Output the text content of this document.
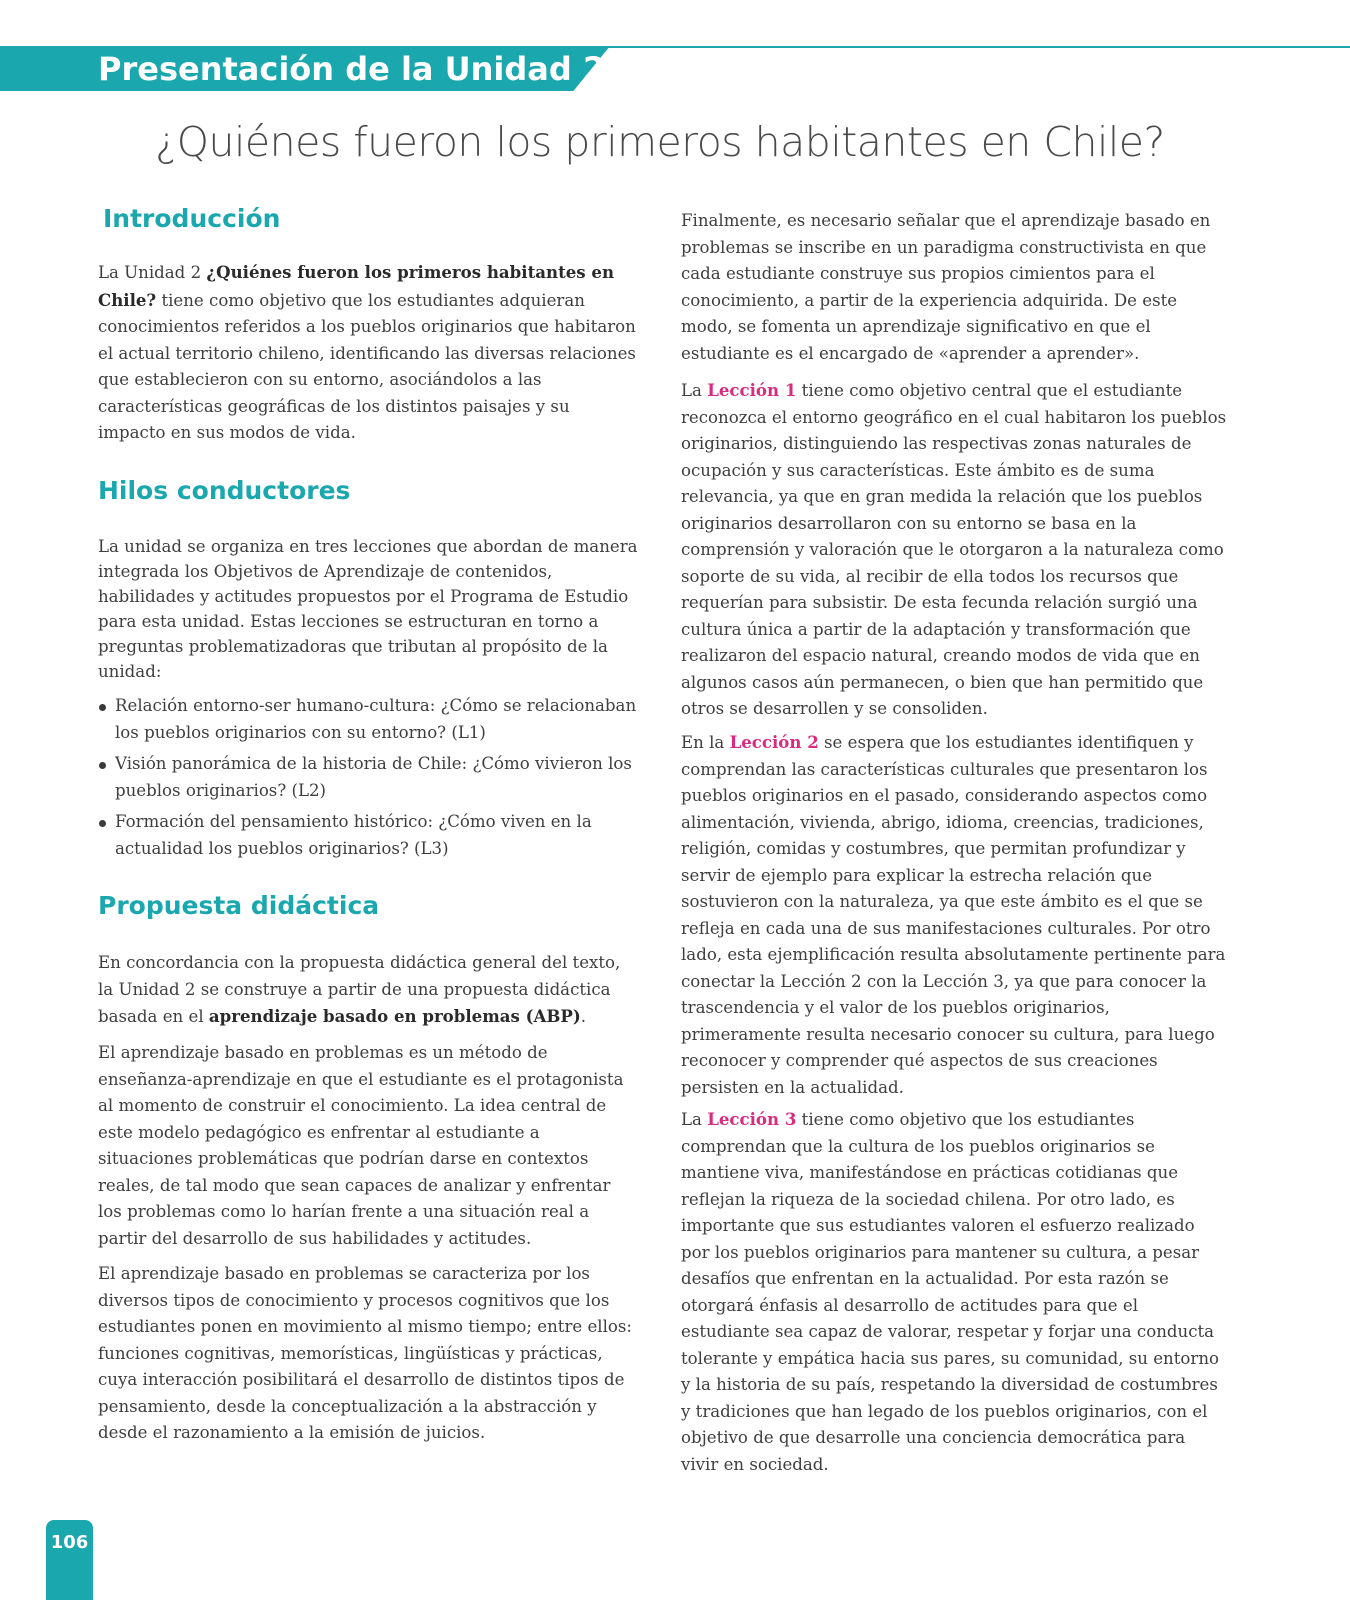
Presentación de la Unidad 2
¿Quiénes fueron los primeros habitantes en Chile?
Introducción

La Unidad 2 ¿Quiénes fueron los primeros habitantes en Chile? tiene como objetivo que los estudiantes adquieran conocimientos referidos a los pueblos originarios que habitaron el actual territorio chileno, identificando las diversas relaciones que establecieron con su entorno, asociándolos a las características geográficas de los distintos paisajes y su impacto en sus modos de vida.

Hilos conductores

La unidad se organiza en tres lecciones que abordan de manera integrada los Objetivos de Aprendizaje de contenidos, habilidades y actitudes propuestos por el Programa de Estudio para esta unidad. Estas lecciones se estructuran en torno a preguntas problematizadoras que tributan al propósito de la unidad:

Relación entorno-ser humano-cultura: ¿Cómo se relacionaban los pueblos originarios con su entorno? (L1)
Visión panorámica de la historia de Chile: ¿Cómo vivieron los pueblos originarios? (L2)
Formación del pensamiento histórico: ¿Cómo viven en la actualidad los pueblos originarios? (L3)
Propuesta didáctica

En concordancia con la propuesta didáctica general del texto, la Unidad 2 se construye a partir de una propuesta didáctica basada en el aprendizaje basado en problemas (ABP).

El aprendizaje basado en problemas es un método de enseñanza-aprendizaje en que el estudiante es el protagonista al momento de construir el conocimiento. La idea central de este modelo pedagógico es enfrentar al estudiante a situaciones problemáticas que podrían darse en contextos reales, de tal modo que sean capaces de analizar y enfrentar los problemas como lo harían frente a una situación real a partir del desarrollo de sus habilidades y actitudes.

El aprendizaje basado en problemas se caracteriza por los diversos tipos de conocimiento y procesos cognitivos que los estudiantes ponen en movimiento al mismo tiempo; entre ellos: funciones cognitivas, memorísticas, lingüísticas y prácticas, cuya interacción posibilitará el desarrollo de distintos tipos de pensamiento, desde la conceptualización a la abstracción y desde el razonamiento a la emisión de juicios.

Finalmente, es necesario señalar que el aprendizaje basado en problemas se inscribe en un paradigma constructivista en que cada estudiante construye sus propios cimientos para el conocimiento, a partir de la experiencia adquirida. De este modo, se fomenta un aprendizaje significativo en que el estudiante es el encargado de «aprender a aprender».

La Lección 1 tiene como objetivo central que el estudiante reconozca el entorno geográfico en el cual habitaron los pueblos originarios, distinguiendo las respectivas zonas naturales de ocupación y sus características. Este ámbito es de suma relevancia, ya que en gran medida la relación que los pueblos originarios desarrollaron con su entorno se basa en la comprensión y valoración que le otorgaron a la naturaleza como soporte de su vida, al recibir de ella todos los recursos que requerían para subsistir. De esta fecunda relación surgió una cultura única a partir de la adaptación y transformación que realizaron del espacio natural, creando modos de vida que en algunos casos aún permanecen, o bien que han permitido que otros se desarrollen y se consoliden.

En la Lección 2 se espera que los estudiantes identifiquen y comprendan las características culturales que presentaron los pueblos originarios en el pasado, considerando aspectos como alimentación, vivienda, abrigo, idioma, creencias, tradiciones, religión, comidas y costumbres, que permitan profundizar y servir de ejemplo para explicar la estrecha relación que sostuvieron con la naturaleza, ya que este ámbito es el que se refleja en cada una de sus manifestaciones culturales. Por otro lado, esta ejemplificación resulta absolutamente pertinente para conectar la Lección 2 con la Lección 3, ya que para conocer la trascendencia y el valor de los pueblos originarios, primeramente resulta necesario conocer su cultura, para luego reconocer y comprender qué aspectos de sus creaciones persisten en la actualidad.

La Lección 3 tiene como objetivo que los estudiantes comprendan que la cultura de los pueblos originarios se mantiene viva, manifestándose en prácticas cotidianas que reflejan la riqueza de la sociedad chilena. Por otro lado, es importante que sus estudiantes valoren el esfuerzo realizado por los pueblos originarios para mantener su cultura, a pesar desafíos que enfrentan en la actualidad. Por esta razón se otorgará énfasis al desarrollo de actitudes para que el estudiante sea capaz de valorar, respetar y forjar una conducta tolerante y empática hacia sus pares, su comunidad, su entorno y la historia de su país, respetando la diversidad de costumbres y tradiciones que han legado de los pueblos originarios, con el objetivo de que desarrolle una conciencia democrática para vivir en sociedad.

106
